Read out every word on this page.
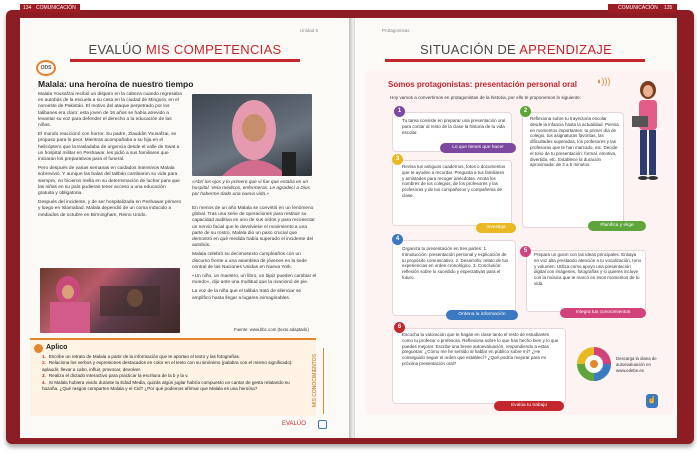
134 COMUNICACIÓN
Unidad 5
EVALÚO MIS COMPETENCIAS
ODS
Malala: una heroína de nuestro tiempo

Malala Yousafzai recibió un disparo en la cabeza cuando regresaba en autobús de la escuela a su casa en la ciudad de Mingora, en el noroeste de Pakistán. El motivo del ataque perpetrado por los talibanes era claro: esta joven de 16 años se había atrevido a levantar su voz para defender el derecho a la educación de las niñas.

El mundo reaccionó con horror. Su padre, Ziauddin Yousafzai, se propuso para lo peor. Mientras acompañaba a su hija en el helicóptero que la trasladaba de urgencia desde el valle de Swat a un hospital militar en Peshawar, les pidió a sus familiares que iniciaran los preparativos para el funeral.

Pero después de varias semanas en cuidados intensivos Malala sobrevivió. Y aunque las balas del talibán cambiaron su vida para siempre, no hicieron mella en su determinación de luchar para que las niñas en su país pudieran tener acceso a una educación gratuita y obligatoria.

Después del incidente, y de ser hospitalizada en Peshawar primero y luego en Islamabad, Malala dependió de un coma inducido a mediados de octubre en Birmingham, Reino Unido.

«Abrí los ojos y lo primero que vi fue que estaba en un hospital. Veía médicos, enfermeras. Le agradecí a Dios por haberme dado una nueva vida.»

En menos de un año Malala se convirtió en un fenómeno global. Tras una serie de operaciones para restituir su capacidad auditiva en uno de sus oídos y para reconectar un nervio facial que le devolviese el movimiento a una parte de su rostro, Malala dio un paso crucial que demostró en qué medida había superado el incidente del autobús.

Malala celebró su decimosexto cumpleaños con un discurso frente a una asamblea de jóvenes en la sede central de las Naciones Unidas en Nueva York.

«Un niño, un maestro, un libro, un lápiz pueden cambiar el mundo», dijo ante una multitud que la ovacionó de pie.

La voz de la niña que el talibán trató de silenciar se amplificó hasta llegar a lugares inimaginables.

Fuente: www.bbc.com (texto adaptado)
Aplico
1. Escribe un retrato de Malala a partir de la información que te aportan el texto y las fotografías.
2. Relaciona los verbos y expresiones destacados en color en el texto con su sinónimo (palabra con el mismo significado): aplaudir, llevar a cabo, influir, provocar, devolver.
3. Realiza el dictado interactivo para practicar la escritura de la b y la v.
4. Si Malala hubiera vivido durante la Edad Media, quizás algún juglar habría compuesto un cantar de gesta relatando su hazaña. ¿Qué rasgos comparten Malala y el Cid? ¿Por qué podemos afirmar que Malala es una heroína?	MIS CONOCIMIENTOS
EVALÚO
COMUNICACIÓN 135
Protagonistas
SITUACIÓN DE APRENDIZAJE
Somos protagonistas: presentación personal oral ◖)))
Hoy vamos a convertirnos en protagonistas de la historia, por ello te proponemos lo siguiente:
1
Tu tarea consiste en preparar una presentación oral para contar al resto de la clase la historia de tu vida escolar.
Lo que tienes que hacer
2
Reflexiona sobre tu trayectoria escolar desde la infancia hasta la actualidad. Piensa en momentos importantes: tu primer día de colegio, tus asignaturas favoritas, las dificultades superadas, los profesores y las profesoras que te han marcado, etc. Decide el tono de tu presentación: formal, emotiva, divertida, etc. Establece la duración aproximada: de 3 a 5 minutos.
Planifica y elige
3
Revisa tus antiguos cuadernos, fotos o documentos que te ayuden a recordar. Pregunta a tus familiares y amistades para recoger anécdotas. Anota los nombres de los colegios, de los profesores y las profesoras y de tus compañeros y compañeras de clase.
Investiga
4
Organiza tu presentación en tres partes: 1. Introducción: presentación personal y explicación de tu propósito comunicativo. 2. Desarrollo: relato de tus experiencias en orden cronológico. 3. Conclusión: reflexión sobre lo sucedido y expectativas para el futuro.
Ordena la información
5
Prepara un guion con las ideas principales. Ensaya en voz alta prestando atención a tu vocalización, tono y volumen. Utiliza como apoyo una presentación digital con imágenes, fotografías y si quieres incluye con la música que te marcó en esos momentos de tu vida.
Integra tus conocimientos
6
Escucha la valoración que te hagan en clase tanto el resto de estudiantes como tu profesor o profesora. Reflexiona sobre lo que has hecho bien y lo que puedes mejorar. Escribe una breve autoevaluación, respondiendo a estas preguntas: ¿Cómo me he sentido al hablar en público sobre mí? ¿He conseguido seguir el orden que establecí? ¿Qué podría mejorar para mi próxima presentación oral?
Evalúa tu trabajo
Descarga la diana de autoevaluación en www.edebe.es
☝
